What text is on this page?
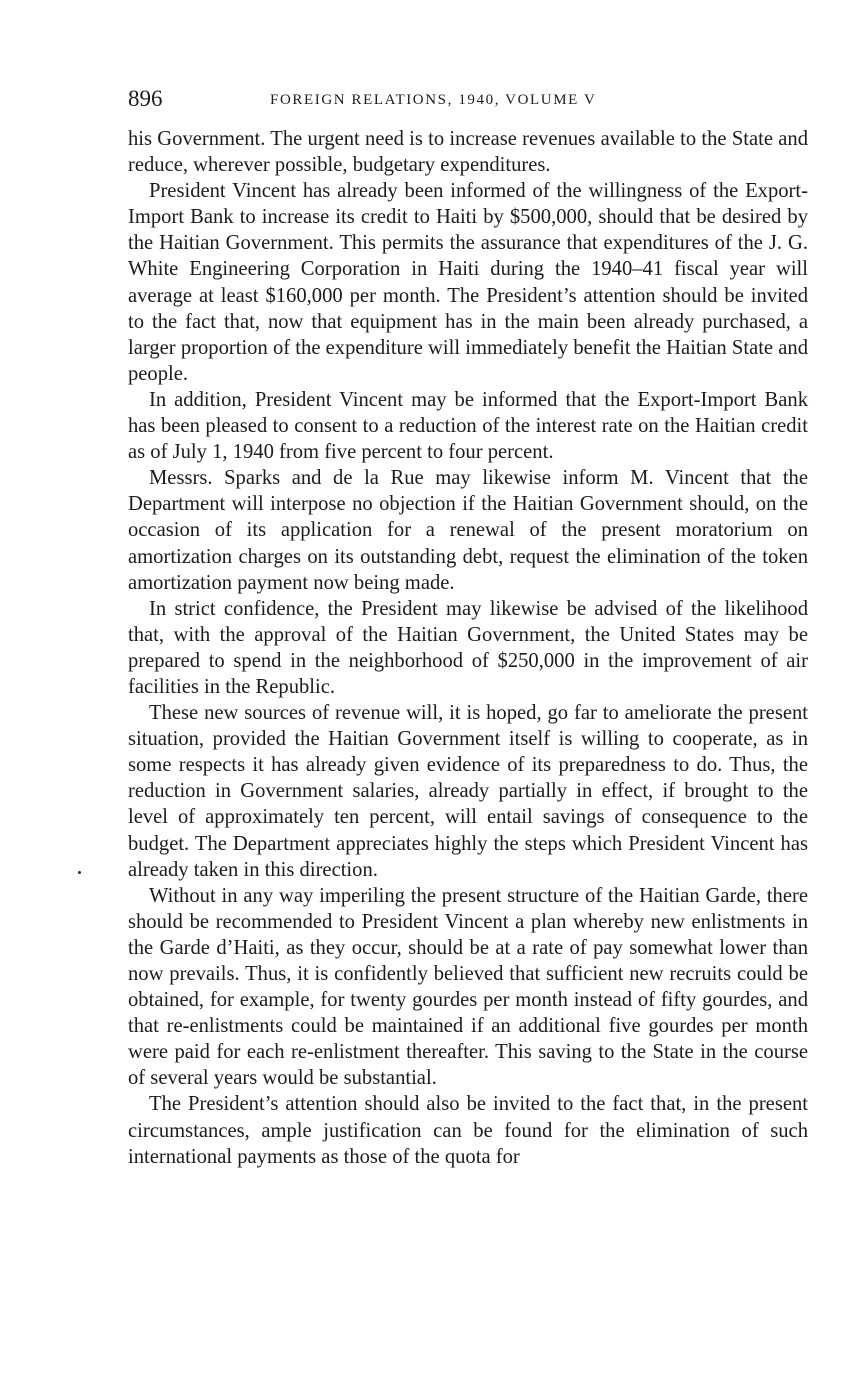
896	FOREIGN RELATIONS, 1940, VOLUME V

his Government. The urgent need is to increase revenues available to the State and reduce, wherever possible, budgetary expenditures.

President Vincent has already been informed of the willingness of the Export-Import Bank to increase its credit to Haiti by $500,000, should that be desired by the Haitian Government. This permits the assurance that expenditures of the J. G. White Engineering Corporation in Haiti during the 1940–41 fiscal year will average at least $160,000 per month. The President’s attention should be invited to the fact that, now that equipment has in the main been already purchased, a larger proportion of the expenditure will immediately benefit the Haitian State and people.

In addition, President Vincent may be informed that the Export-Import Bank has been pleased to consent to a reduction of the interest rate on the Haitian credit as of July 1, 1940 from five percent to four percent.

Messrs. Sparks and de la Rue may likewise inform M. Vincent that the Department will interpose no objection if the Haitian Government should, on the occasion of its application for a renewal of the present moratorium on amortization charges on its outstanding debt, request the elimination of the token amortization payment now being made.

In strict confidence, the President may likewise be advised of the likelihood that, with the approval of the Haitian Government, the United States may be prepared to spend in the neighborhood of $250,000 in the improvement of air facilities in the Republic.

These new sources of revenue will, it is hoped, go far to ameliorate the present situation, provided the Haitian Government itself is willing to cooperate, as in some respects it has already given evidence of its preparedness to do. Thus, the reduction in Government salaries, already partially in effect, if brought to the level of approximately ten percent, will entail savings of consequence to the budget. The Department appreciates highly the steps which President Vincent has already taken in this direction.

Without in any way imperiling the present structure of the Haitian Garde, there should be recommended to President Vincent a plan whereby new enlistments in the Garde d’Haiti, as they occur, should be at a rate of pay somewhat lower than now prevails. Thus, it is confidently believed that sufficient new recruits could be obtained, for example, for twenty gourdes per month instead of fifty gourdes, and that re-enlistments could be maintained if an additional five gourdes per month were paid for each re-enlistment thereafter. This saving to the State in the course of several years would be substantial.

The President’s attention should also be invited to the fact that, in the present circumstances, ample justification can be found for the elimination of such international payments as those of the quota for
